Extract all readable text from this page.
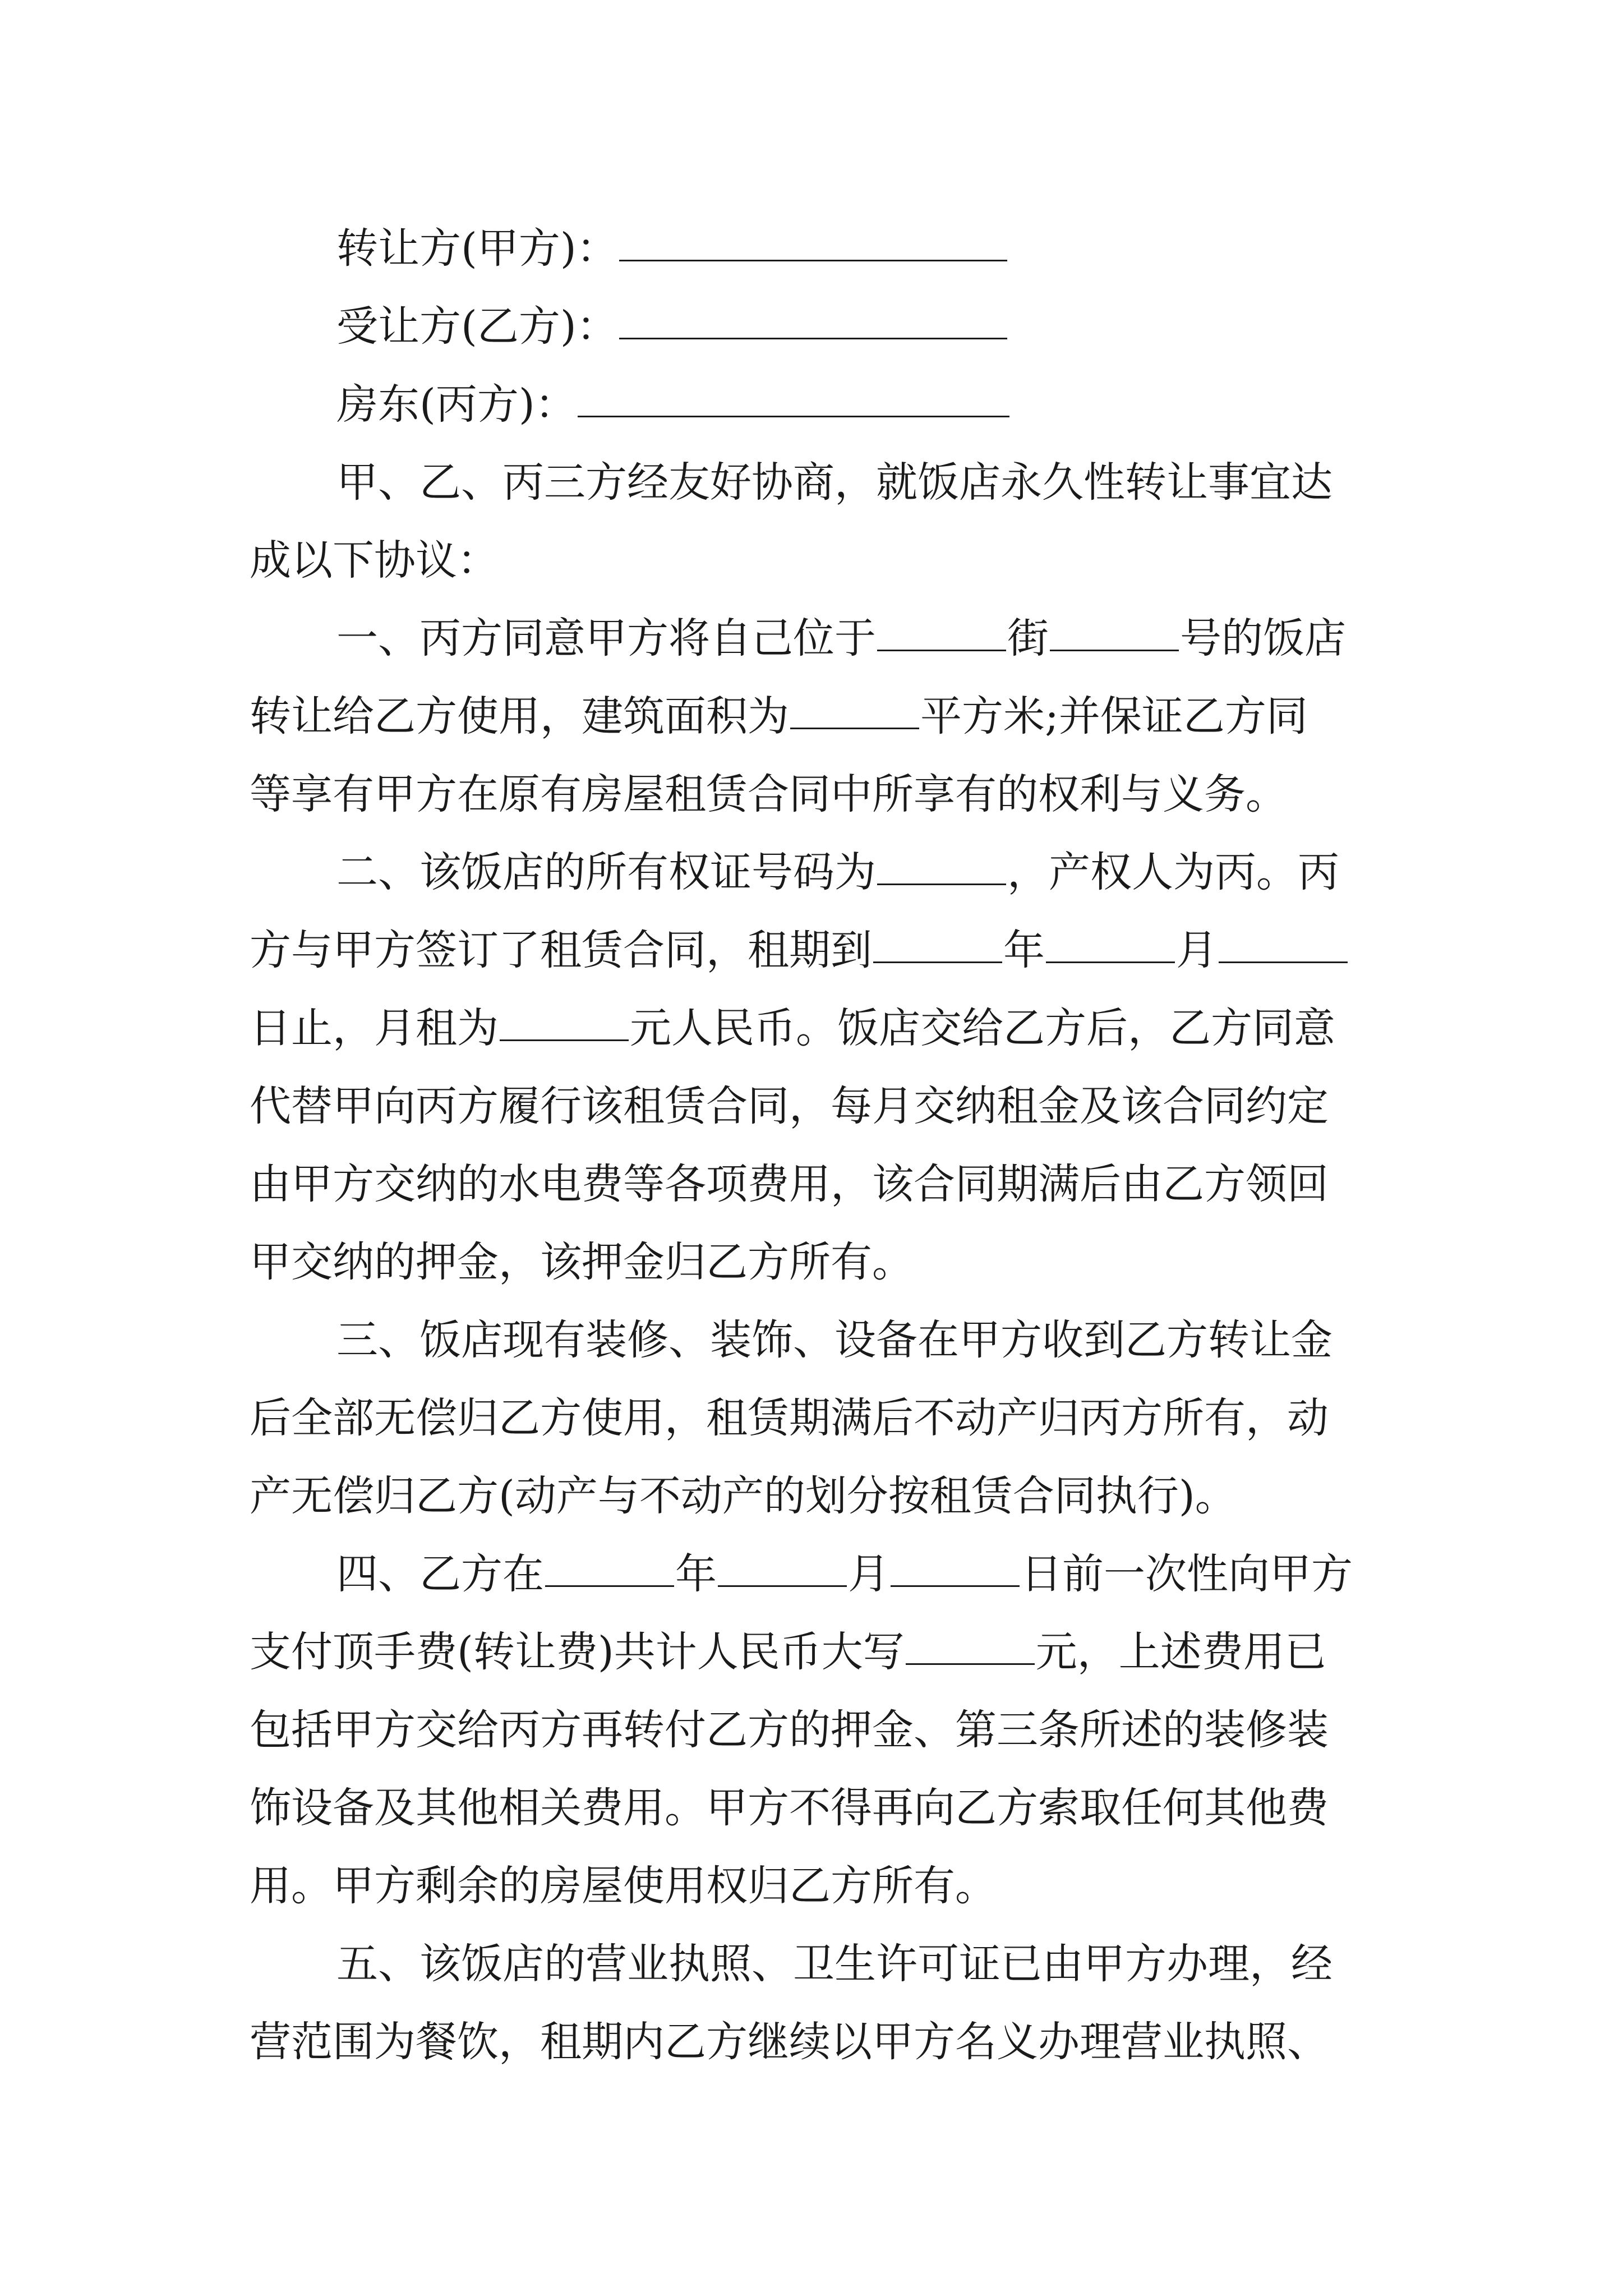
转让方(甲方)：
受让方(乙方)：
房东(丙方)：
甲、乙、丙三方经友好协商，就饭店永久性转让事宜达
成以下协议：
一、丙方同意甲方将自己位于	街	号的饭店
转让给乙方使用，建筑面积为	平方米;并保证乙方同
等享有甲方在原有房屋租赁合同中所享有的权利与义务。
二、该饭店的所有权证号码为	，产权人为丙。丙
方与甲方签订了租赁合同，租期到	年	月
日止，月租为	元人民币。饭店交给乙方后，乙方同意
代替甲向丙方履行该租赁合同，每月交纳租金及该合同约定
由甲方交纳的水电费等各项费用，该合同期满后由乙方领回
甲交纳的押金，该押金归乙方所有。
三、饭店现有装修、装饰、设备在甲方收到乙方转让金
后全部无偿归乙方使用，租赁期满后不动产归丙方所有，动
产无偿归乙方(动产与不动产的划分按租赁合同执行)。
四、乙方在	年	月	日前一次性向甲方
支付顶手费(转让费)共计人民币大写	元，上述费用已
包括甲方交给丙方再转付乙方的押金、第三条所述的装修装
饰设备及其他相关费用。甲方不得再向乙方索取任何其他费
用。甲方剩余的房屋使用权归乙方所有。
五、该饭店的营业执照、卫生许可证已由甲方办理，经
营范围为餐饮，租期内乙方继续以甲方名义办理营业执照、
